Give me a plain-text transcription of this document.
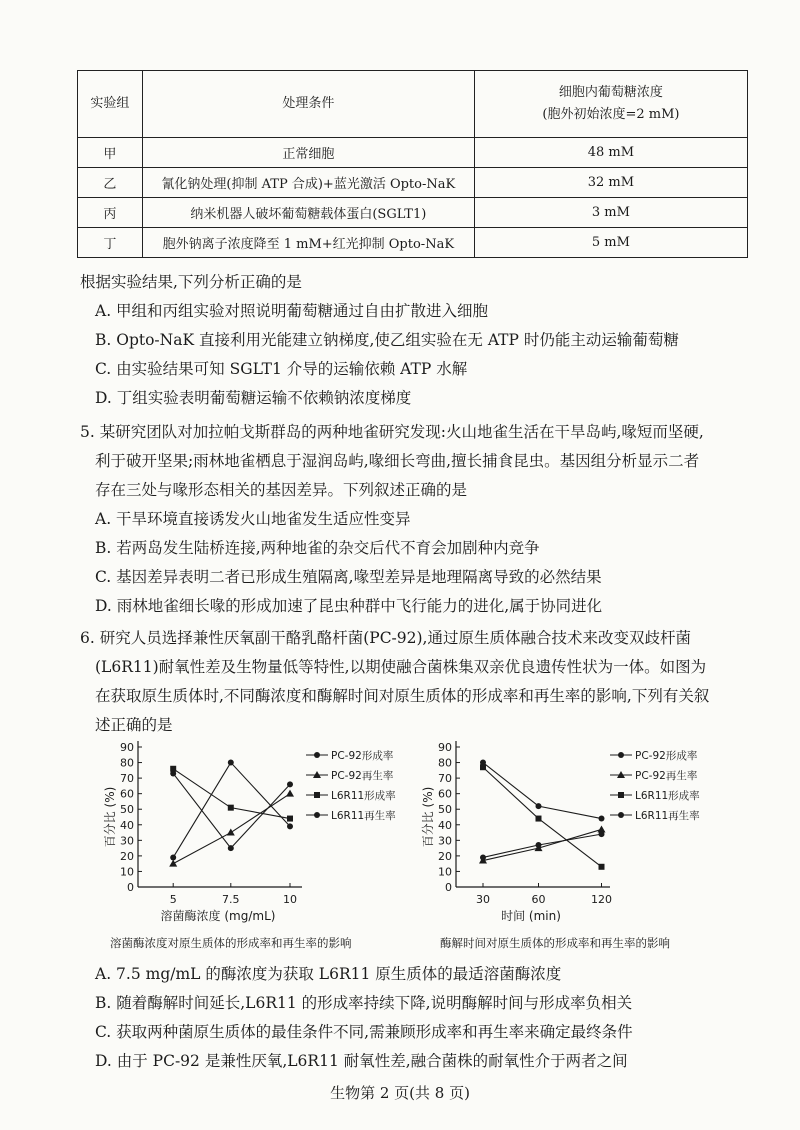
实验组	处理条件	细胞内葡萄糖浓度
(胞外初始浓度=2 mM)

甲	正常细胞	48 mM
乙	氰化钠处理(抑制 ATP 合成)+蓝光激活 Opto-NaK	32 mM
丙	纳米机器人破坏葡萄糖载体蛋白(SGLT1)	3 mM
丁	胞外钠离子浓度降至 1 mM+红光抑制 Opto-NaK	5 mM
根据实验结果,下列分析正确的是
A. 甲组和丙组实验对照说明葡萄糖通过自由扩散进入细胞
B. Opto-NaK 直接利用光能建立钠梯度,使乙组实验在无 ATP 时仍能主动运输葡萄糖
C. 由实验结果可知 SGLT1 介导的运输依赖 ATP 水解
D. 丁组实验表明葡萄糖运输不依赖钠浓度梯度
5. 某研究团队对加拉帕戈斯群岛的两种地雀研究发现:火山地雀生活在干旱岛屿,喙短而坚硬,
利于破开坚果;雨林地雀栖息于湿润岛屿,喙细长弯曲,擅长捕食昆虫。基因组分析显示二者
存在三处与喙形态相关的基因差异。下列叙述正确的是
A. 干旱环境直接诱发火山地雀发生适应性变异
B. 若两岛发生陆桥连接,两种地雀的杂交后代不育会加剧种内竞争
C. 基因差异表明二者已形成生殖隔离,喙型差异是地理隔离导致的必然结果
D. 雨林地雀细长喙的形成加速了昆虫种群中飞行能力的进化,属于协同进化
6. 研究人员选择兼性厌氧副干酪乳酪杆菌(PC-92),通过原生质体融合技术来改变双歧杆菌
(L6R11)耐氧性差及生物量低等特性,以期使融合菌株集双亲优良遗传性状为一体。如图为
在获取原生质体时,不同酶浓度和酶解时间对原生质体的形成率和再生率的影响,下列有关叙
述正确的是
0
10
20
30
40
50
60
70
80
90
5	7.5	10
溶菌酶浓度 (mg/mL)
百分比 (%)
PC-92形成率
PC-92再生率
L6R11形成率
L6R11再生率
0
10
20
30
40
50
60
70
80
90
30	60	120
时间 (min)
百分比 (%)
PC-92形成率
PC-92再生率
L6R11形成率
L6R11再生率
溶菌酶浓度对原生质体的形成率和再生率的影响	酶解时间对原生质体的形成率和再生率的影响
A. 7.5 mg/mL 的酶浓度为获取 L6R11 原生质体的最适溶菌酶浓度
B. 随着酶解时间延长,L6R11 的形成率持续下降,说明酶解时间与形成率负相关
C. 获取两种菌原生质体的最佳条件不同,需兼顾形成率和再生率来确定最终条件
D. 由于 PC-92 是兼性厌氧,L6R11 耐氧性差,融合菌株的耐氧性介于两者之间
生物第 2 页(共 8 页)
